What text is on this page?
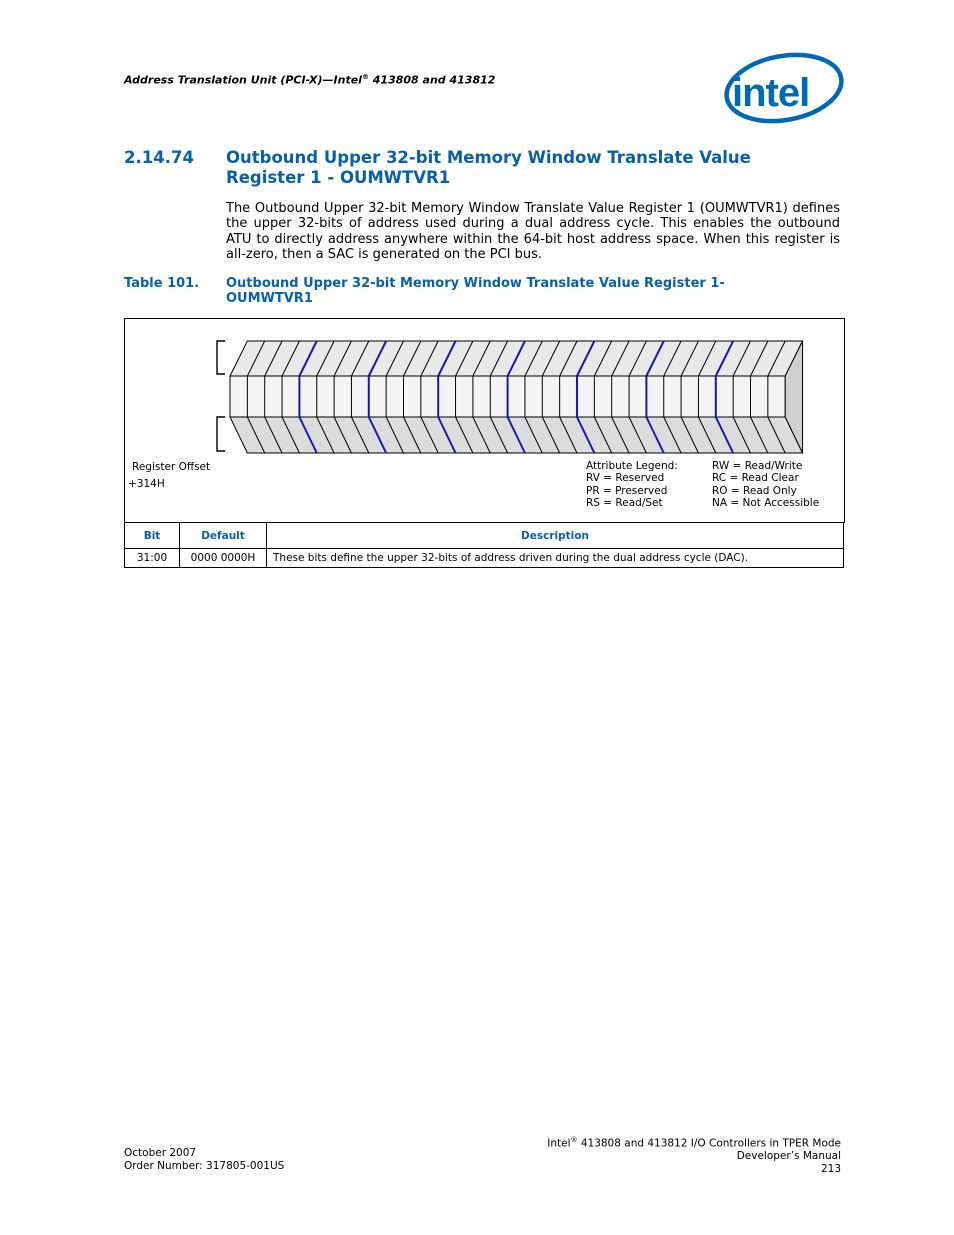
Address Translation Unit (PCI-X)—Intel® 413808 and 413812	intel
2.14.74 Outbound Upper 32-bit Memory Window Translate Value Register 1 - OUMWTVR1
The Outbound Upper 32-bit Memory Window Translate Value Register 1 (OUMWTVR1) defines the upper 32-bits of address used during a dual address cycle. This enables the outbound ATU to directly address anywhere within the 64-bit host address space. When this register is all-zero, then a SAC is generated on the PCI bus.
Table 101. Outbound Upper 32-bit Memory Window Translate Value Register 1- OUMWTVR1
Register Offset
+314H
Attribute Legend:
RV = Reserved
PR = Preserved
RS = Read/Set
RW = Read/Write
RC = Read Clear
RO = Read Only
NA = Not Accessible
Bit	Default	Description
31:00	0000 0000H	These bits define the upper 32-bits of address driven during the dual address cycle (DAC).
October 2007
Order Number: 317805-001US
Intel® 413808 and 413812 I/O Controllers in TPER Mode
Developer’s Manual
213
